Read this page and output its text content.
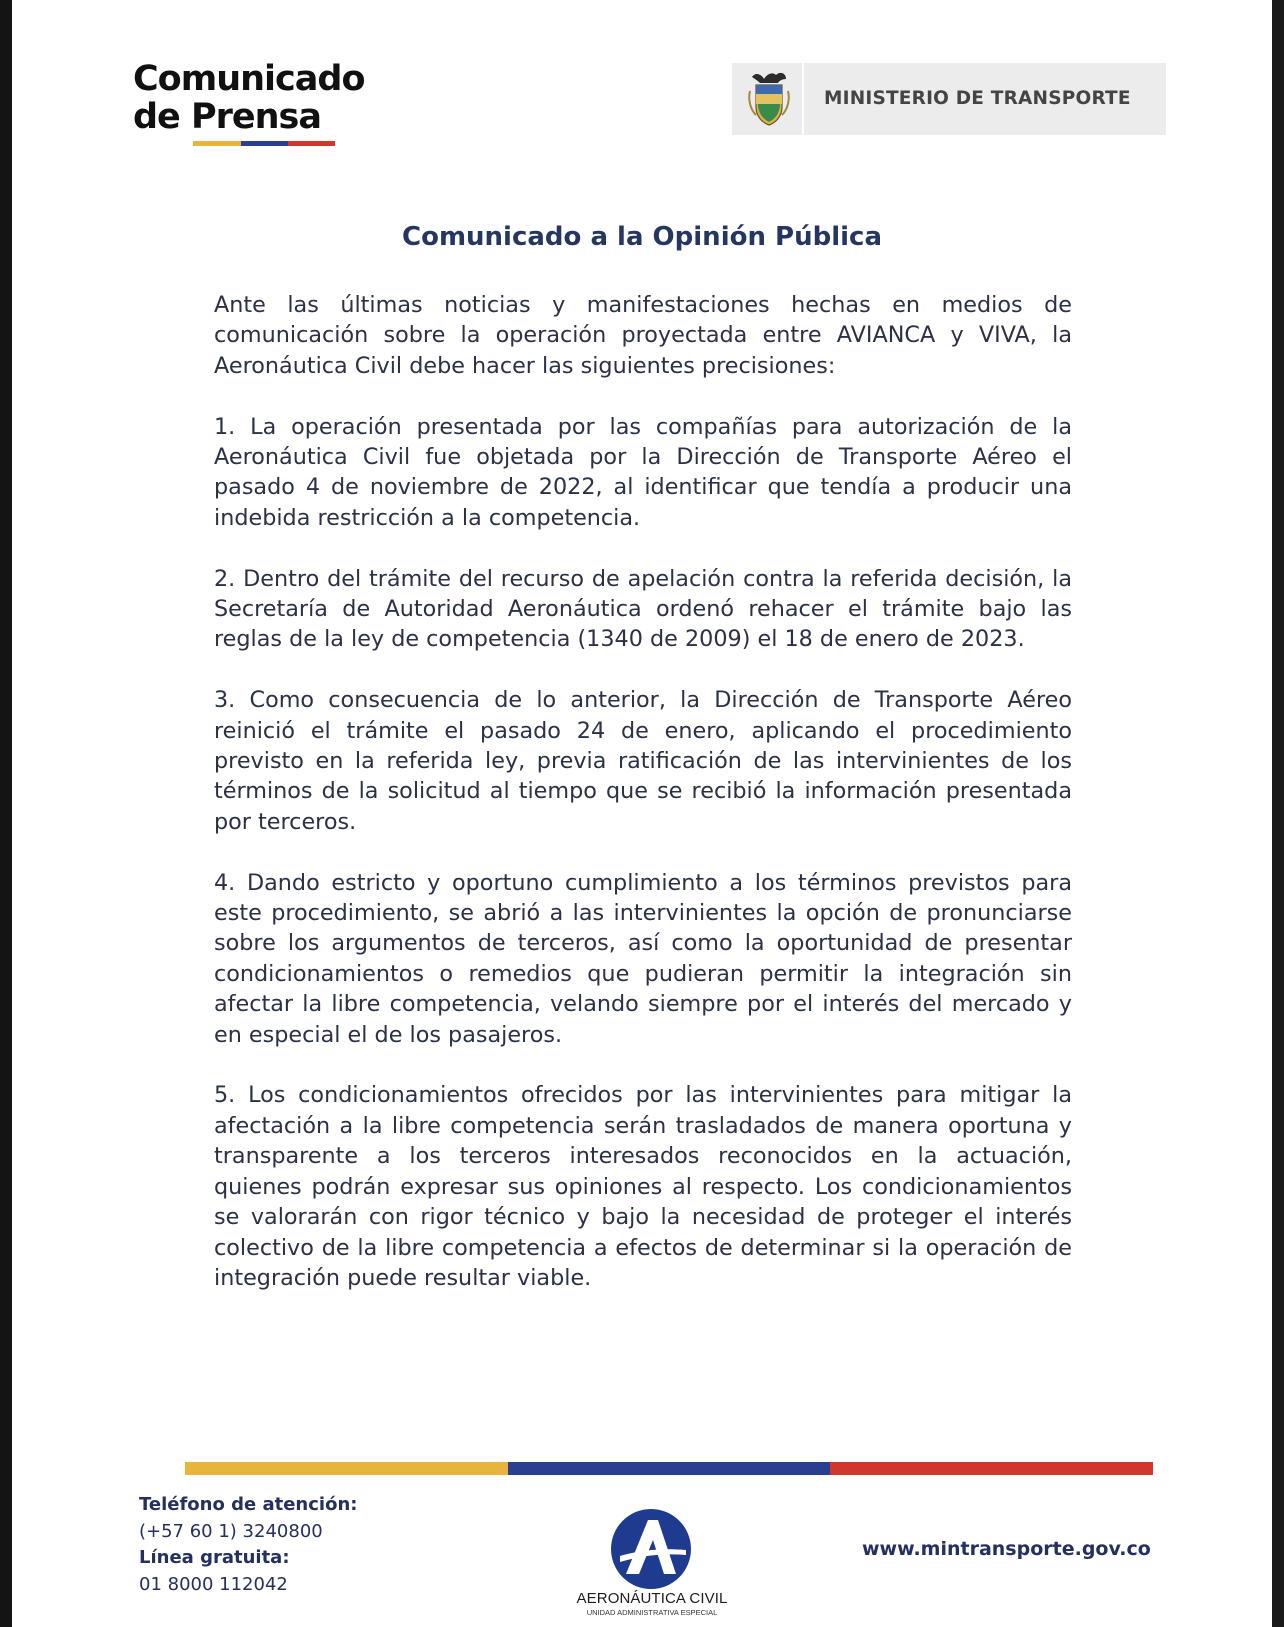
Comunicado
de Prensa	MINISTERIO DE TRANSPORTE
Comunicado a la Opinión Pública

Ante las últimas noticias y manifestaciones hechas en medios de comunicación sobre la operación proyectada entre AVIANCA y VIVA, la Aeronáutica Civil debe hacer las siguientes precisiones:

1. La operación presentada por las compañías para autorización de la Aeronáutica Civil fue objetada por la Dirección de Transporte Aéreo el pasado 4 de noviembre de 2022, al identificar que tendía a producir una indebida restricción a la competencia.

2. Dentro del trámite del recurso de apelación contra la referida decisión, la Secretaría de Autoridad Aeronáutica ordenó rehacer el trámite bajo las reglas de la ley de competencia (1340 de 2009) el 18 de enero de 2023.

3. Como consecuencia de lo anterior, la Dirección de Transporte Aéreo reinició el trámite el pasado 24 de enero, aplicando el procedimiento previsto en la referida ley, previa ratificación de las intervinientes de los términos de la solicitud al tiempo que se recibió la información presentada por terceros.

4. Dando estricto y oportuno cumplimiento a los términos previstos para este procedimiento, se abrió a las intervinientes la opción de pronunciarse sobre los argumentos de terceros, así como la oportunidad de presentar condicionamientos o remedios que pudieran permitir la integración sin afectar la libre competencia, velando siempre por el interés del mercado y en especial el de los pasajeros.

5. Los condicionamientos ofrecidos por las intervinientes para mitigar la afectación a la libre competencia serán trasladados de manera oportuna y transparente a los terceros interesados reconocidos en la actuación, quienes podrán expresar sus opiniones al respecto. Los condicionamientos se valorarán con rigor técnico y bajo la necesidad de proteger el interés colectivo de la libre competencia a efectos de determinar si la operación de integración puede resultar viable.

Teléfono de atención:
(+57 60 1) 3240800
Línea gratuita:
01 8000 112042
AERONÁUTICA CIVIL
UNIDAD ADMINISTRATIVA ESPECIAL
www.mintransporte.gov.co
